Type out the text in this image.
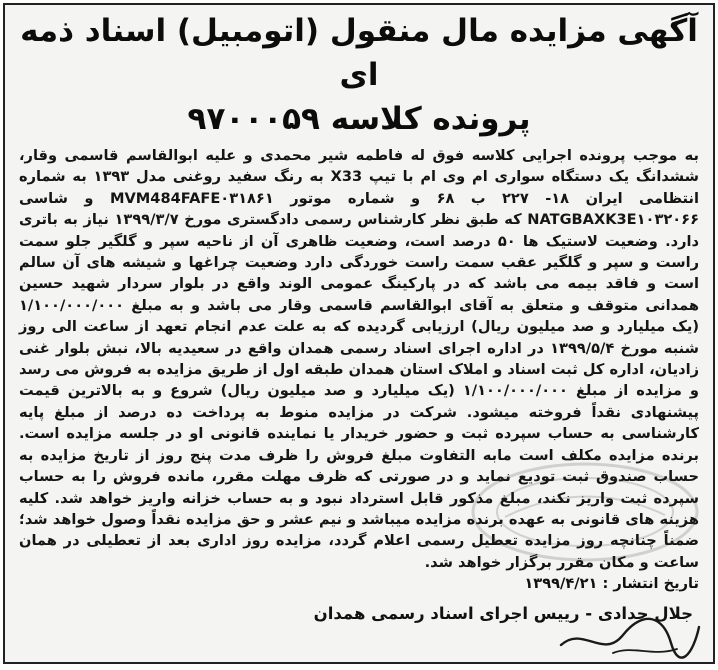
آگهی مزایده مال منقول (اتومبیل) اسناد ذمه ای
پرونده کلاسه ۹۷۰۰۰۵۹
به موجب پرونده اجرایی کلاسه فوق له فاطمه شیر محمدی و علیه ابوالقاسم قاسمی وقار، ششدانگ یک دستگاه سواری ام وی ام با تیپ X33 به رنگ سفید روغنی مدل ۱۳۹۳ به شماره انتظامی ایران ۱۸- ۲۲۷ ب ۶۸ و شماره موتور MVM484FAFE۰۳۱۸۶۱ و شاسی NATGBAXK3E۱۰۳۲۰۶۶ که طبق نظر کارشناس رسمی دادگستری مورخ ۱۳۹۹/۳/۷ نیاز به باتری دارد. وضعیت لاستیک ها ۵۰ درصد است، وضعیت ظاهری آن از ناحیه سپر و گلگیر جلو سمت راست و سپر و گلگیر عقب سمت راست خوردگی دارد وضعیت چراغها و شیشه های آن سالم است و فاقد بیمه می باشد که در پارکینگ عمومی الوند واقع در بلوار سردار شهید حسین همدانی متوقف و متعلق به آقای ابوالقاسم قاسمی وقار می باشد و به مبلغ ۱/۱۰۰/۰۰۰/۰۰۰ (یک میلیارد و صد میلیون ریال) ارزیابی گردیده که به علت عدم انجام تعهد از ساعت الی روز شنبه مورخ ۱۳۹۹/۵/۴ در اداره اجرای اسناد رسمی همدان واقع در سعیدیه بالا، نبش بلوار غنی زادیان، اداره کل ثبت اسناد و املاک استان همدان طبقه اول از طریق مزایده به فروش می رسد و مزایده از مبلغ ۱/۱۰۰/۰۰۰/۰۰۰ (یک میلیارد و صد میلیون ریال) شروع و به بالاترین قیمت پیشنهادی نقداً فروخته میشود. شرکت در مزایده منوط به پرداخت ده درصد از مبلغ پایه کارشناسی به حساب سپرده ثبت و حضور خریدار یا نماینده قانونی او در جلسه مزایده است. برنده مزایده مکلف است مابه التفاوت مبلغ فروش را ظرف مدت پنج روز از تاریخ مزایده به حساب صندوق ثبت تودیع نماید و در صورتی که ظرف مهلت مقرر، مانده فروش را به حساب سپرده ثبت واریز نکند، مبلغ مذکور قابل استرداد نبود و به حساب خزانه واریز خواهد شد. کلیه هزینه های قانونی به عهده برنده مزایده میباشد و نیم عشر و حق مزایده نقداً وصول خواهد شد؛ ضمناً چنانچه روز مزایده تعطیل رسمی اعلام گردد، مزایده روز اداری بعد از تعطیلی در همان ساعت و مکان مقرر برگزار خواهد شد.
تاریخ انتشار : ۱۳۹۹/۴/۲۱
جلال حدادی - رییس اجرای اسناد رسمی همدان
